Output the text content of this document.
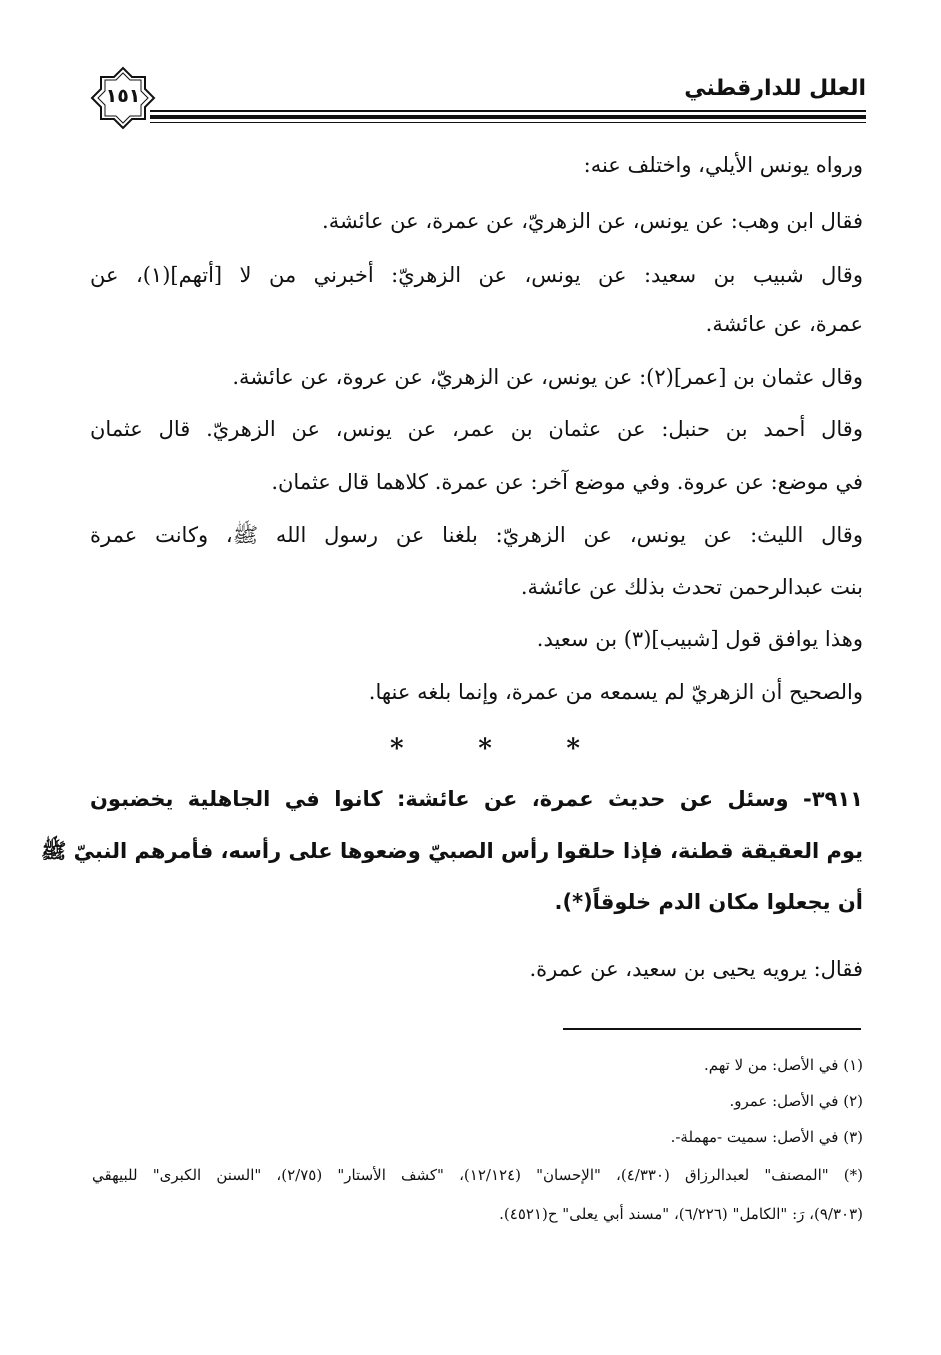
العلل للدارقطني
١٥١
ورواه يونس الأيلي، واختلف عنه:
فقال ابن وهب: عن يونس، عن الزهريّ، عن عمرة، عن عائشة.
وقال شبيب بن سعيد: عن يونس، عن الزهريّ: أخبرني من لا [أتهم](١)، عن
عمرة، عن عائشة.
وقال عثمان بن [عمر](٢): عن يونس، عن الزهريّ، عن عروة، عن عائشة.
وقال أحمد بن حنبل: عن عثمان بن عمر، عن يونس، عن الزهريّ. قال عثمان
في موضع: عن عروة. وفي موضع آخر: عن عمرة. كلاهما قال عثمان.
وقال الليث: عن يونس، عن الزهريّ: بلغنا عن رسول الله ﷺ، وكانت عمرة
بنت عبدالرحمن تحدث بذلك عن عائشة.
وهذا يوافق قول [شبيب](٣) بن سعيد.
والصحيح أن الزهريّ لم يسمعه من عمرة، وإنما بلغه عنها.
*	*	*
٣٩١١- وسئل عن حديث عمرة، عن عائشة: كانوا في الجاهلية يخضبون
يوم العقيقة قطنة، فإذا حلقوا رأس الصبيّ وضعوها على رأسه، فأمرهم النبيّ ﷺ
أن يجعلوا مكان الدم خلوقاً(*).
فقال: يرويه يحيى بن سعيد، عن عمرة.
(١) في الأصل: من لا تهم.
(٢) في الأصل: عمرو.
(٣) في الأصل: سميت -مهملة-.
(*) "المصنف" لعبدالرزاق (٤/٣٣٠)، "الإحسان" (١٢/١٢٤)، "كشف الأستار" (٢/٧٥)، "السنن الكبرى" للبيهقي
(٩/٣٠٣)، رَ: "الكامل" (٦/٢٢٦)، "مسند أبي يعلى" ح(٤٥٢١).
